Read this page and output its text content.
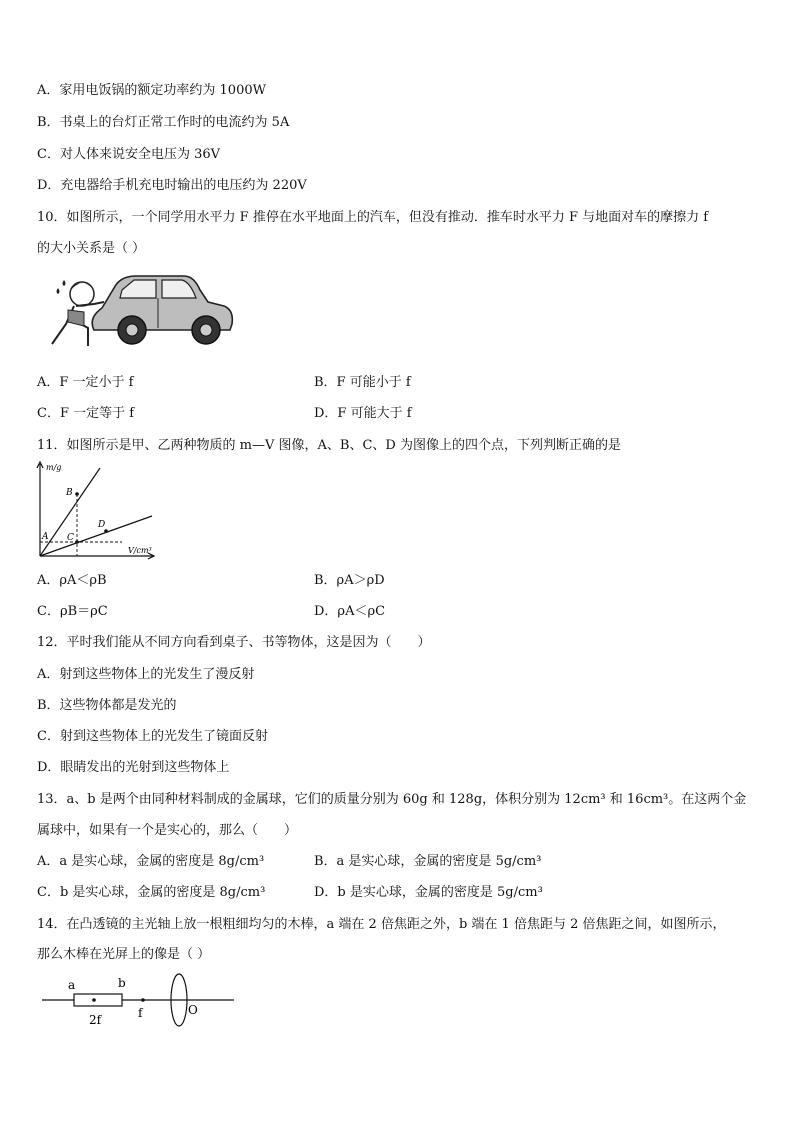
A．家用电饭锅的额定功率约为 1000W
B．书桌上的台灯正常工作时的电流约为 5A
C．对人体来说安全电压为 36V
D．充电器给手机充电时输出的电压约为 220V
10．如图所示，一个同学用水平力 F 推停在水平地面上的汽车，但没有推动．推车时水平力 F 与地面对车的摩擦力 f
的大小关系是（ ）
A．F 一定小于 f	B．F 可能小于 f
C．F 一定等于 f	D．F 可能大于 f
11．如图所示是甲、乙两种物质的 m—V 图像，A、B、C、D 为图像上的四个点，下列判断正确的是
m/g
V/cm³
A
B
C
D
A．ρA＜ρB	B．ρA＞ρD
C．ρB＝ρC	D．ρA＜ρC
12．平时我们能从不同方向看到桌子、书等物体，这是因为（　　）
A．射到这些物体上的光发生了漫反射
B．这些物体都是发光的
C．射到这些物体上的光发生了镜面反射
D．眼睛发出的光射到这些物体上
13．a、b 是两个由同种材料制成的金属球，它们的质量分别为 60g 和 128g，体积分别为 12cm³ 和 16cm³。在这两个金
属球中，如果有一个是实心的，那么（　　）
A．a 是实心球，金属的密度是 8g/cm³	B．a 是实心球，金属的密度是 5g/cm³
C．b 是实心球，金属的密度是 8g/cm³	D．b 是实心球，金属的密度是 5g/cm³
14．在凸透镜的主光轴上放一根粗细均匀的木棒，a 端在 2 倍焦距之外，b 端在 1 倍焦距与 2 倍焦距之间，如图所示，
那么木棒在光屏上的像是（ ）
a	b
2f	f	O
